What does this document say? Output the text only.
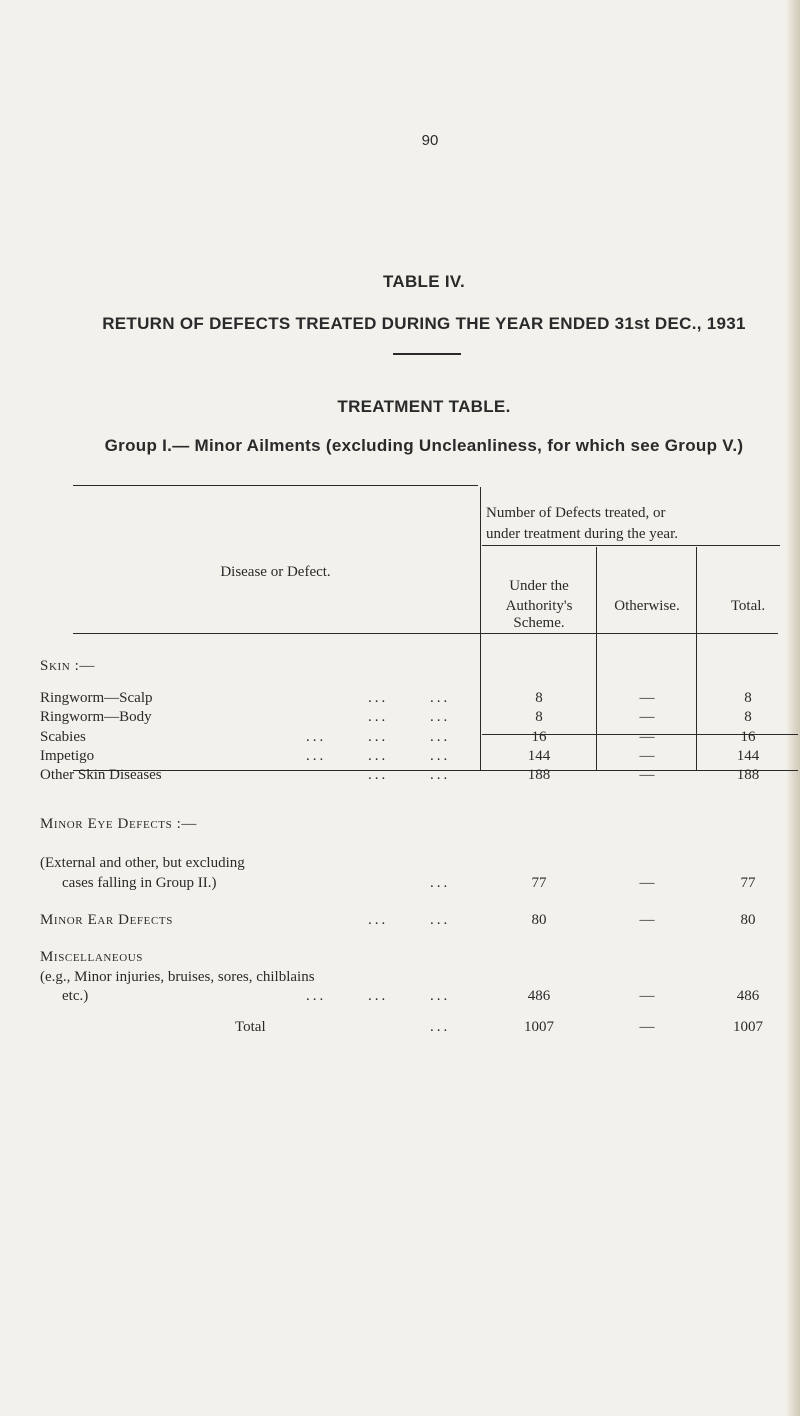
90
TABLE IV.
RETURN OF DEFECTS TREATED DURING THE YEAR ENDED 31st DEC., 1931
TREATMENT TABLE.
Group I.— Minor Ailments (excluding Uncleanliness, for which see Group V.)
Disease or Defect.
Number of Defects treated, or
under treatment during the year.
Under the
Authority's
Scheme.
Otherwise.	Total.
Skin :—
Ringworm—Scalp	8	—	8
Ringworm—Body	8	—	8
Scabies	16	—	16
Impetigo	144	—	144
Other Skin Diseases	188	—	188
Minor Eye Defects :—
(External and other, but excluding
cases falling in Group II.)	77	—	77
Minor Ear Defects	80	—	80
Miscellaneous
(e.g., Minor injuries, bruises, sores, chilblains
etc.)	486	—	486
Total	1007	—	1007
...	...
...	...
...	...	...
...	...	...
...	...
...
...	...
...	...	...
...
